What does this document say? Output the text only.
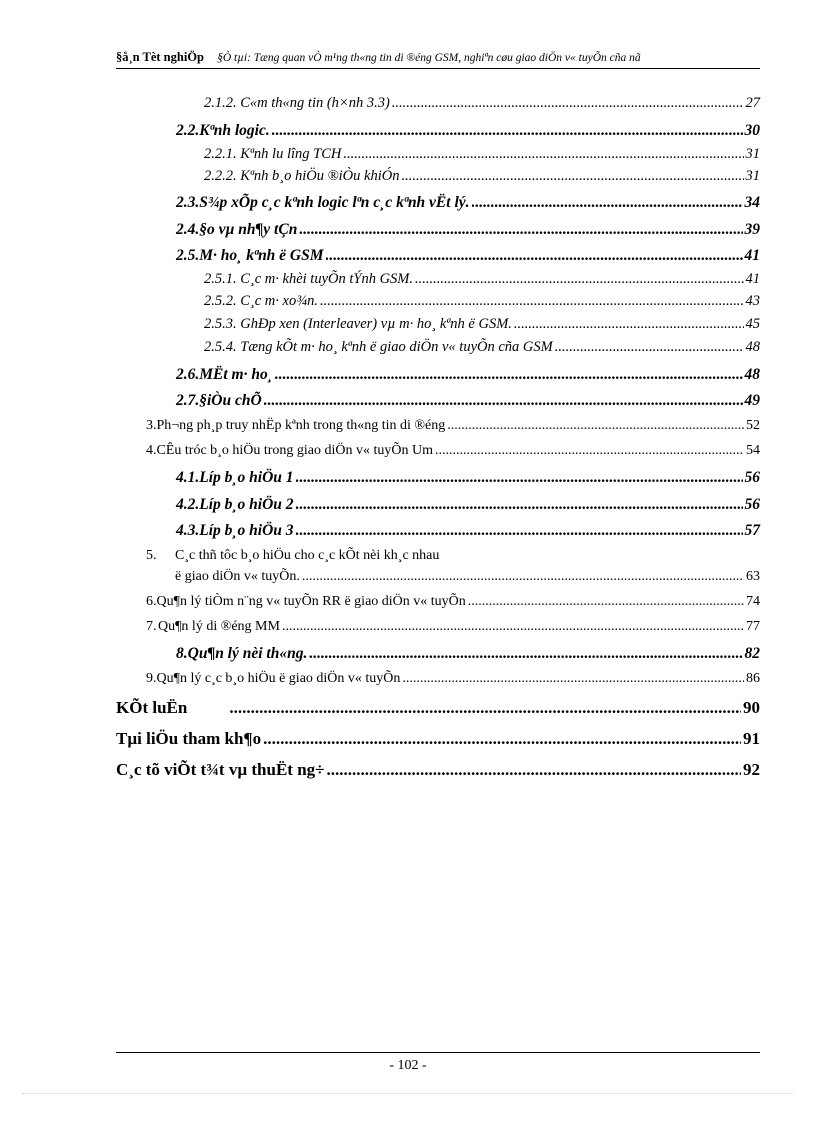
§å¸n Tèt nghiÖp §Ò tµi: Tæng quan vÒ m¹ng th«ng tin di ®éng GSM, nghiªn cøu giao diÖn v« tuyÕn cña nã
2.1.2. C«m th«ng tin (h×nh 3.3) .....	27
2.2.Kªnh logic. .....	30
2.2.1. Kªnh lu lîng TCH .....	31
2.2.2. Kªnh b¸o hiÖu ®iÒu khiÓn .....	31
2.3.S¾p xÕp c¸c kªnh logic lªn c¸c kªnh vËt lý. .....	34
2.4.§o vµ nh¶y tÇn .....	39
2.5.M· ho¸ kªnh ë GSM .....	41
2.5.1. C¸c m· khèi tuyÕn tÝnh GSM. .....	41
2.5.2. C¸c m· xo¾n. .....	43
2.5.3. GhÐp xen (Interleaver) vµ m· ho¸ kªnh ë GSM. .....	45
2.5.4. Tæng kÕt m· ho¸ kªnh ë giao diÖn v« tuyÕn cña GSM .....	48
2.6.MËt m· ho¸ .....	48
2.7.§iÒu chÕ .....	49
3. Ph¬ng ph¸p truy nhËp kªnh trong th«ng tin di ®éng .....	52
4. CÊu tróc b¸o hiÖu trong giao diÖn v« tuyÕn Um .....	54
4.1.Líp b¸o hiÖu 1 .....	56
4.2.Líp b¸o hiÖu 2 .....	56
4.3.Líp b¸o hiÖu 3 .....	57
5.	C¸c thñ tôc b¸o hiÖu cho c¸c kÕt nèi kh¸c nhau
ë giao diÖn v« tuyÕn. .....	63
6. Qu¶n lý tiÒm n¨ng v« tuyÕn RR ë giao diÖn v« tuyÕn .....	74
7. Qu¶n lý di ®éng MM .....	77
8. Qu¶n lý nèi th«ng. .....	82
9. Qu¶n lý c¸c b¸o hiÖu ë giao diÖn v« tuyÕn .....	86
KÕt luËn .....	90
Tµi liÖu tham kh¶o .....	91
C¸c tõ viÕt t¾t vµ thuËt ng÷ .....	92
- 102 -
